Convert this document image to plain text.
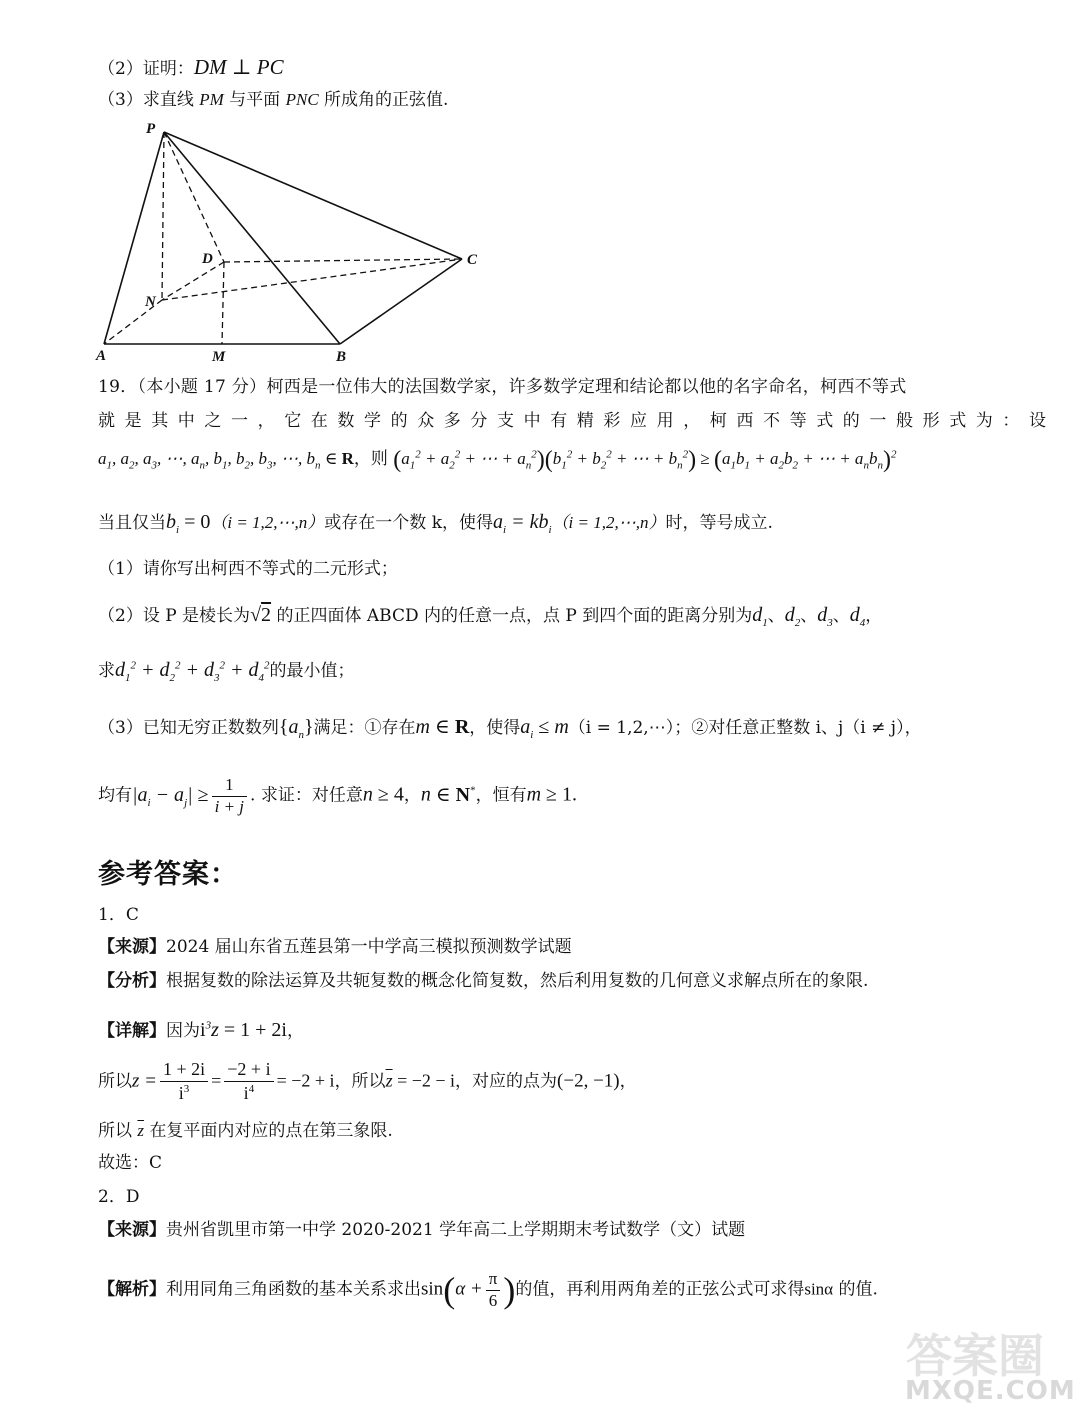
（2）证明：DM ⊥ PC
（3）求直线 PM 与平面 PNC 所成角的正弦值.
P
D	C
N
A	M	B
19．（本小题 17 分）柯西是一位伟大的法国数学家，许多数学定理和结论都以他的名字命名，柯西不等式
就是其中之一，它在数学的众多分支中有精彩应用，柯西不等式的一般形式为：设
$a_1$, $a_2$, $a_3$, ⋯, $a_n$, $b_1$, $b_2$, $b_3$, ⋯, $b_n$ ∈ R，则 ($a_1^2 + a_2^2$ + ⋯ + $a_n^2)(b_1^2 + b_2^2$ + ⋯ + $b_n^2) \ge (a_1b_1 + a_2b_2$ + ⋯ + $a_nb_n)^2$
当且仅当$b_i = 0(i$ = 1,2,⋯,n）或存在一个数 k，使得$a_i = kb_i(i$ = 1,2,⋯,n）时，等号成立.
（1）请你写出柯西不等式的二元形式；
（2）设 P 是棱长为√2 的正四面体 ABCD 内的任意一点，点 P 到四个面的距离分别为$d_1$、$d_2$、$d_3$、$d_4$，
求$d_1^2 + d_2^2 + d_3^2 + d_4^2$的最小值；
（3）已知无穷正数数列$\{a_n\}$满足：①存在m ∈ R，使得$a_i \le m(i$ = 1,2,⋯）；②对任意正整数 i、j（i ≠ j），
均有$|a_i - a_j| \ge \frac{1}{i + j}$ . 求证：对任意n ≥ 4，n ∈ N*，恒有m ≥ 1.
参考答案：
1．C
【来源】2024 届山东省五莲县第一中学高三模拟预测数学试题
【分析】根据复数的除法运算及共轭复数的概念化简复数，然后利用复数的几何意义求解点所在的象限.
【详解】因为$i^3z = 1 + 2i$，
所以$z = \frac{1 + 2i}{i^3} = \frac{-2 + i}{i^4} = -2 + i$，所以$\overline{z} = -2 - i$，对应的点为(−2, −1)，
所以 $\overline{z}$ 在复平面内对应的点在第三象限.
故选：C
2．D
【来源】贵州省凯里市第一中学 2020-2021 学年高二上学期期末考试数学（文）试题
【解析】利用同角三角函数的基本关系求出$\sin(\alpha + \frac{\pi}{6}$ )的值，再利用两角差的正弦公式可求得sinα 的值.
答案圈
MXQE.COM
